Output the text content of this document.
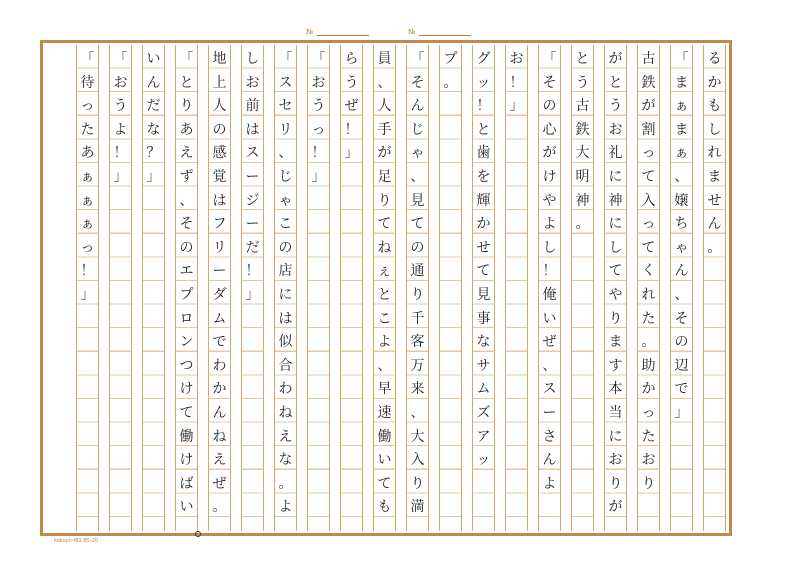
№	№
る
か
も
し
れ
ま
せ
ん
。
「
ま
ぁ
ま
ぁ
、
嬢
ち
ゃ
ん
、
そ
の
辺
で
」
古
鉄
が
割
っ
て
入
っ
て
く
れ
た
。
助
か
っ
た
お
り
が
と
う
お
礼
に
神
に
し
て
や
り
ま
す
本
当
に
お
り
が
と
う
古
鉄
大
明
神
。
「
そ
の
心
が
け
や
よ
し
！
俺
い
ぜ
、
ス
ー
さ
ん
よ
お
！
」
グ
ッ
！
と
歯
を
輝
か
せ
て
見
事
な
サ
ム
ズ
ア
ッ
プ
。
「
そ
ん
じ
ゃ
、
見
て
の
通
り
千
客
万
来
、
大
入
り
満
員
、
人
手
が
足
り
て
ね
ぇ
と
こ
よ
、
早
速
働
い
て
も
ら
う
ぜ
！
」
「
お
う
っ
！
」
「
ス
セ
リ
、
じ
ゃ
こ
の
店
に
は
似
合
わ
ね
え
な
。
よ
し
お
前
は
ス
ー
ジ
ー
だ
！
」
地
上
人
の
感
覚
は
フ
リ
ー
ダ
ム
で
わ
か
ん
ね
え
ぜ
。
「
と
り
あ
え
ず
、
そ
の
エ
プ
ロ
ン
つ
け
て
働
け
ば
い
い
ん
だ
な
？
」
「
お
う
よ
！
」
「
待
っ
た
あ
ぁ
ぁ
ぁ
っ
！
」
kokuyo-f81 B5-20
